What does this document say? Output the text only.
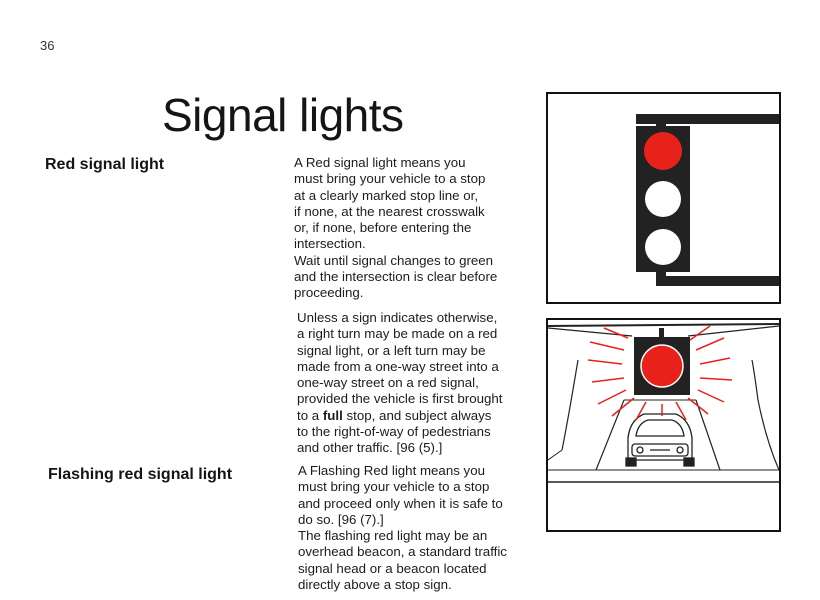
36
Signal lights
Red signal light
Flashing red signal light
A Red signal light means you
must bring your vehicle to a stop
at a clearly marked stop line or,
if none, at the nearest crosswalk
or, if none, before entering the
intersection.
Wait until signal changes to green
and the intersection is clear before
proceeding.
Unless a sign indicates otherwise,
a right turn may be made on a red
signal light, or a left turn may be
made from a one-way street into a
one-way street on a red signal,
provided the vehicle is first brought
to a full stop, and subject always
to the right-of-way of pedestrians
and other traffic. [96 (5).]
A Flashing Red light means you
must bring your vehicle to a stop
and proceed only when it is safe to
do so. [96 (7).]
The flashing red light may be an
overhead beacon, a standard traffic
signal head or a beacon located
directly above a stop sign.
